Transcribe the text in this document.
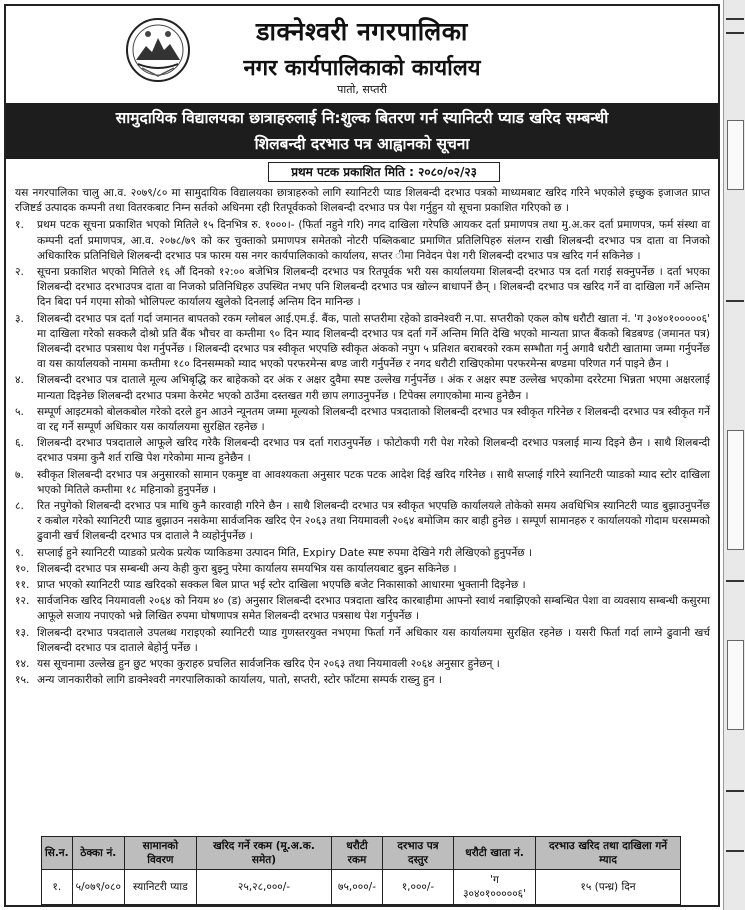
डाक्नेश्वरी नगरपालिका
नगर कार्यपालिकाको कार्यालय
पातो, सप्तरी
सामुदायिक विद्यालयका छात्राहरुलाई नि:शुल्क बितरण गर्न स्यानिटरी प्याड खरिद सम्बन्धी
शिलबन्दी दरभाउ पत्र आह्वानको सूचना
प्रथम पटक प्रकाशित मिति : २०८०/०२/२३

यस नगरपालिका चालु आ.व. २०७९/८० मा सामुदायिक विद्यालयका छात्राहरुको लागि स्यानिटरी प्याड शिलबन्दी दरभाउ पत्रको माध्यमबाट खरिद गरिने भएकोले इच्छुक इजाजत प्राप्त रजिष्टर्ड उत्पादक कम्पनी तथा वितरकबाट निम्न सर्तको अधिनमा रही रितपूर्वकको शिलबन्दी दरभाउ पत्र पेश गर्नुहुन यो सूचना प्रकाशित गरिएको छ ।

१.	प्रथम पटक सूचना प्रकाशित भएको मितिले १५ दिनभित्र रु. १०००।- (फिर्ता नहुने गरि) नगद दाखिला गरेपछि आयकर दर्ता प्रमाणपत्र तथा मु.अ.कर दर्ता प्रमाणपत्र, फर्म संस्था वा कम्पनी दर्ता प्रमाणपत्र, आ.व. २०७८/७९ को कर चुक्ताको प्रमाणपत्र समेतको नोटरी पब्लिकबाट प्रमाणित प्रतिलिपिहरु संलग्न राखी शिलबन्दी दरभाउ पत्र दाता वा निजको अधिकारिक प्रतिनिधिले शिलबन्दी दरभाउ पत्र फारम यस नगर कार्यपालिकाको कार्यालय, सप्तर ीमा निवेदन पेश गरी शिलबन्दी दरभाउ पत्र खरिद गर्न सकिनेछ ।
२.	सूचना प्रकाशित भएको मितिले १६ औं दिनको १२:०० बजेभित्र शिलबन्दी दरभाउ पत्र रितपूर्वक भरी यस कार्यालयमा शिलबन्दी दरभाउ पत्र दर्ता गराई सक्नुपर्नेछ । दर्ता भएका शिलबन्दी दरभाउ दरभाउपत्र दाता वा निजको प्रतिनिधिहरु उपस्थित नभए पनि शिलबन्दी दरभाउ पत्र खोल्न बाधापर्ने छैन् । शिलबन्दी दरभाउ पत्र खरिद गर्ने वा दाखिला गर्ने अन्तिम दिन बिदा पर्न गएमा सोको भोलिपल्ट कार्यालय खुलेको दिनलाई अन्तिम दिन मानिन्छ ।
३.	शिलबन्दी दरभाउ पत्र दर्ता गर्दा जमानत बापतको रकम ग्लोबल आई.एम.ई. बैंक, पातो सप्तरीमा रहेको डाक्नेश्वरी न.पा. सप्तरीको एकल कोष धरौटी खाता नं. 'ग ३०४०१०००००६' मा दाखिला गरेको सक्कलै दोश्रो प्रति बैंक भौचर वा कम्तीमा ९० दिन म्याद शिलबन्दी दरभाउ पत्र दर्ता गर्ने अन्तिम मिति देखि भएको मान्यता प्राप्त बैंकको बिडबण्ड (जमानत पत्र) शिलबन्दी दरभाउ पत्रसाथ पेश गर्नुपर्नेछ । शिलबन्दी दरभाउ पत्र स्वीकृत भएपछि स्वीकृत अंकको नपुग ५ प्रतिशत बराबरको रकम सम्भौता गर्नु अगावै धरौटी खातामा जम्मा गर्नुपर्नेछ वा यस कार्यालयको नाममा कम्तीमा १८० दिनसम्मको म्याद भएको परफरमेन्स बण्ड जारी गर्नुपर्नेछ र नगद धरौटी राखिएकोमा परफरमेन्स बण्डमा परिणत गर्न पाइने छैन ।
४.	शिलबन्दी दरभाउ पत्र दाताले मूल्य अभिबृद्धि कर बाहेकको दर अंक र अक्षर दुवैमा स्पष्ट उल्लेख गर्नुपर्नेछ । अंक र अक्षर स्पष्ट उल्लेख भएकोमा दररेटमा भिन्नता भएमा अक्षरलाई मान्यता दिइनेछ शिलबन्दी दरभाउ पत्रमा केरमेट भएको ठाउँमा दस्तखत गरी छाप लगाउनुपर्नेछ । टिपेक्स लगाएकोमा मान्य हुनेछैन ।
५.	सम्पूर्ण आइटमको बोलकबोल गरेको दरले हुन आउने न्यूनतम जम्मा मूल्यको शिलबन्दी दरभाउ पत्रदाताको शिलबन्दी दरभाउ पत्र स्वीकृत गरिनेछ र शिलबन्दी दरभाउ पत्र स्वीकृत गर्ने वा रद्द गर्ने सम्पूर्ण अधिकार यस कार्यालयमा सुरक्षित रहनेछ ।
६.	शिलबन्दी दरभाउ पत्रदाताले आफूले खरिद गरेकै शिलबन्दी दरभाउ पत्र दर्ता गराउनुपर्नेछ । फोटोकपी गरी पेश गरेको शिलबन्दी दरभाउ पत्रलाई मान्य दिइने छैन । साथै शिलबन्दी दरभाउ पत्रमा कुनै शर्त राखि पेश गरेकोमा मान्य हुनेछैन ।
७.	स्वीकृत शिलबन्दी दरभाउ पत्र अनुसारको सामान एकमुष्ट वा आवश्यकता अनुसार पटक पटक आदेश दिई खरिद गरिनेछ । साथै सप्लाई गरिने स्यानिटरी प्याडको म्याद स्टोर दाखिला भएको मितिले कम्तीमा १८ महिनाको हुनुपर्नेछ ।
८.	रित नपुगेको शिलबन्दी दरभाउ पत्र माथि कुनै कारवाही गरिने छैन । साथै शिलबन्दी दरभाउ पत्र स्वीकृत भएपछि कार्यालयले तोकेको समय अवधिभित्र स्यानिटरी प्याड बुझाउनुपर्नेछ र कबोल गरेको स्यानिटरी प्याड बुझाउन नसकेमा सार्वजनिक खरिद ऐन २०६३ तथा नियमावली २०६४ बमोजिम कार बाही हुनेछ । सम्पूर्ण सामानहरु र कार्यालयको गोदाम घरसम्मको ढुवानी खर्च शिलबन्दी दरभाउ पत्र दाताले नै व्यहोर्नुपर्नेछ ।
९.	सप्लाई हुने स्यानिटरी प्याडको प्रत्येक प्रत्येक प्याकिङमा उत्पादन मिति, Expiry Date स्पष्ट रुपमा देखिने गरी लेखिएको हुनुपर्नेछ ।
१०. शिलबन्दी दरभाउ पत्र सम्बन्धी अन्य केही कुरा बुझ्नु परेमा कार्यालय समयभित्र यस कार्यालयबाट बुझ्न सकिनेछ ।
११. प्राप्त भएको स्यानिटरी प्याड खरिदको सक्कल बिल प्राप्त भई स्टोर दाखिला भएपछि बजेट निकासाको आधारमा भुक्तानी दिइनेछ ।
१२. सार्वजनिक खरिद नियमावली २०६४ को नियम ४० (ड) अनुसार शिलबन्दी दरभाउ पत्रदाता खरिद कारबाहीमा आफ्नो स्वार्थ नबाझिएको सम्बन्धित पेशा वा व्यवसाय सम्बन्धी कसुरमा आफूले सजाय नपाएको भन्ने लिखित रुपमा घोषणापत्र समेत शिलबन्दी दरभाउ पत्रसाथ पेश गर्नुपर्नेछ ।
१३. शिलबन्दी दरभाउ पत्रदाताले उपलब्ध गराइएको स्यानिटरी प्याड गुणस्तरयुक्त नभएमा फिर्ता गर्ने अधिकार यस कार्यालयमा सुरक्षित रहनेछ । यसरी फिर्ता गर्दा लाग्ने ढुवानी खर्च शिलबन्दी दरभाउ पत्र दाताले बेहोर्नु पर्नेछ ।
१४. यस सूचनामा उल्लेख हुन छुट भएका कुराहरु प्रचलित सार्वजनिक खरिद ऐन २०६३ तथा नियमावली २०६४ अनुसार हुनेछन् ।
१५. अन्य जानकारीको लागि डाक्नेश्वरी नगरपालिकाको कार्यालय, पातो, सप्तरी, स्टोर फाँटमा सम्पर्क राख्नु हुन ।
सि.न.	ठेक्का नं.	सामानको विवरण	खरिद गर्ने रकम (मू.अ.क. समेत)	धरौटी रकम	दरभाउ पत्र दस्तुर	धरौटी खाता नं.	दरभाउ खरिद तथा दाखिला गर्ने म्याद
१.	५/०७९/०८०	स्यानिटरी प्याड	२५,२८,०००/-	७५,०००/-	१,०००/-	'ग ३०४०१०००००६'	१५ (पन्ध्र) दिन
